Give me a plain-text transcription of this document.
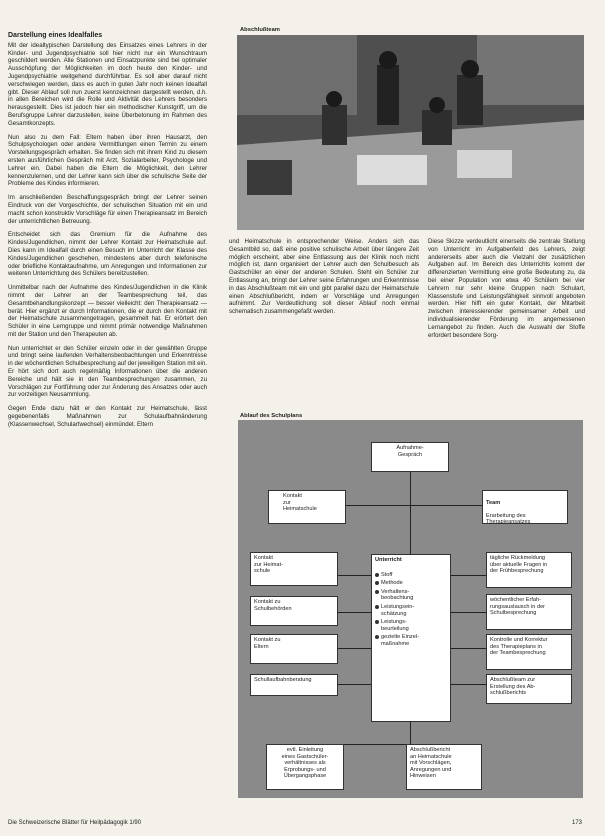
Darstellung eines Idealfalles

Mit der idealtypischen Darstellung des Einsatzes eines Lehrers in der Kinder- und Jugendpsychiatrie soll hier nicht nur ein Wunschtraum geschildert werden. Alle Stationen und Einsatzpunkte sind bei optimaler Ausschöpfung der Möglichkeiten im doch heute den Kinder- und Jugendpsychiatrie weitgehend durchführbar. Es soll aber darauf nicht verschwiegen werden, dass es auch in guten Jahr noch keinen Idealfall gibt. Dieser Ablauf soll nun zuerst kennzeichnen dargestellt werden, d.h. in allen Bereichen wird die Rolle und Aktivität des Lehrers besonders herausgestellt. Dies ist jedoch hier ein methodischer Kunstgriff, um die Berufsgruppe Lehrer darzustellen, keine Überbetonung im Rahmen des Gesamtkonzepts.

Nun also zu dem Fall: Eltern haben über ihren Hausarzt, den Schulpsychologen oder andere Vermittlungen einen Termin zu einem Vorstellungsgespräch erhalten. Sie finden sich mit ihrem Kind zu diesem ersten ausführlichen Gespräch mit Arzt, Sozialarbeiter, Psychologe und Lehrer ein. Dabei haben die Eltern die Möglichkeit, den Lehrer kennenzulernen, und der Lehrer kann sich über die schulische Seite der Probleme des Kindes informieren.

Im anschließenden Beschaffungsgespräch bringt der Lehrer seinen Eindruck von der Vorgeschichte, der schulischen Situation mit ein und macht schon konstruktiv Vorschläge für einen Therapieansatz im Bereich der unterrichtlichen Betreuung.

Entscheidet sich das Gremium für die Aufnahme des Kindes/Jugendlichen, nimmt der Lehrer Kontakt zur Heimatschule auf. Dies kann im Idealfall durch einen Besuch im Unterricht der Klasse des Kindes/Jugendlichen geschehen, mindestens aber durch telefonische oder briefliche Kontaktaufnahme, um Anregungen und Informationen zur weiteren Unterrichtung des Schülers bereitzustellen.

Unmittelbar nach der Aufnahme des Kindes/Jugendlichen in die Klinik nimmt der Lehrer an der Teambesprechung teil, das Gesamtbehandlungskonzept — besser vielleicht: den Therapieansatz — berät. Hier ergänzt er durch Informationen, die er durch den Kontakt mit der Heimatschule zusammengetragen, gesammelt hat. Er erörtert den Schüler in eine Lerngruppe und nimmt primär notwendige Maßnahmen mit der Station und den Therapeuten ab.

Nun unterrichtet er den Schüler einzeln oder in der gewählten Gruppe und bringt seine laufenden Verhaltensbeobachtungen und Erkenntnisse in der wöchentlichen Schulbesprechung auf der jeweiligen Station mit ein. Er hört sich dort auch regelmäßig Informationen über die anderen Bereiche und hält sie in den Teambesprechungen zusammen, zu Vorschlägen zur Fortführung oder zur Änderung des Ansatzes oder auch zur vorzeitigen Neusammlung.

Gegen Ende dazu hält er den Kontakt zur Heimatschule, lässt gegebenenfalls Maßnahmen zur Schulaufbahnänderung (Klassenwechsel, Schulartwechsel) einmündet. Eltern

Abschlußteam

und Heimatschule in entsprechender Weise. Anders sich das Gesamtbild so, daß eine positive schulische Arbeit über längere Zeit möglich erscheint, aber eine Entlassung aus der Klinik noch nicht möglich ist, dann organisiert der Lehrer auch den Schulbesuch als Gastschüler an einer der anderen Schulen. Steht ein Schüler zur Entlassung an, bringt der Lehrer seine Erfahrungen und Erkenntnisse in das Abschlußteam mit ein und gibt parallel dazu der Heimatschule einen Abschlußbericht, indem er Vorschläge und Anregungen aufnimmt. Zur Verdeutlichung soll dieser Ablauf noch einmal schematisch zusammengefaßt werden.

Diese Skizze verdeutlicht einerseits die zentrale Stellung von Unterricht im Aufgabenfeld des Lehrers, zeigt andererseits aber auch die Vielzahl der zusätzlichen Aufgaben auf. Im Bereich des Unterrichts kommt der differenzierten Vermittlung eine große Bedeutung zu, da bei einer Population von etwa 40 Schülern bei vier Lehrern nur sehr kleine Gruppen nach Schulart, Klassenstufe und Leistungsfähigkeit sinnvoll angeboten werden. Hier hilft ein guter Kontakt, der Mitarbeit zwischen interessierender gemeinsamer Arbeit und individualisierender Förderung im angemessenen Lernangebot zu finden. Auch die Auswahl der Stoffe erfordert besondere Sorg-

Ablauf des Schulplans
Aufnahme-
Gespräch
Kontakt
zur
Heimatschule

Team

Erarbeitung des
Therapieansatzes

Kontakt
zur Heimat-
schule
Kontakt zu
Schulbehörden
Kontakt zu
Eltern
Schullaufbahnberatung
Unterricht
Stoff
Methode
Verhaltens-
beobachtung
Leistungsein-
schätzung
Leistungs-
beurteilung
gezielte Einzel-
maßnahme
tägliche Rückmeldung
über aktuelle Fragen in
der Frühbesprechung
wöchentlicher Erfah-
rungsaustausch in der
Schulbesprechung
Kontrolle und Korrektur
des Therapieplans in
der Teambesprechung
Abschlußteam zur
Erstellung des Ab-
schlußberichts
evtl. Einleitung
eines Gastschüler-
verhältnisses als
Erprobungs- und
Übergangsphase
Abschlußbericht
an Heimatschule
mit Vorschlägen,
Anregungen und
Hinweisen
Die Schweizerische Blätter für Heilpädagogik 1/90	173
